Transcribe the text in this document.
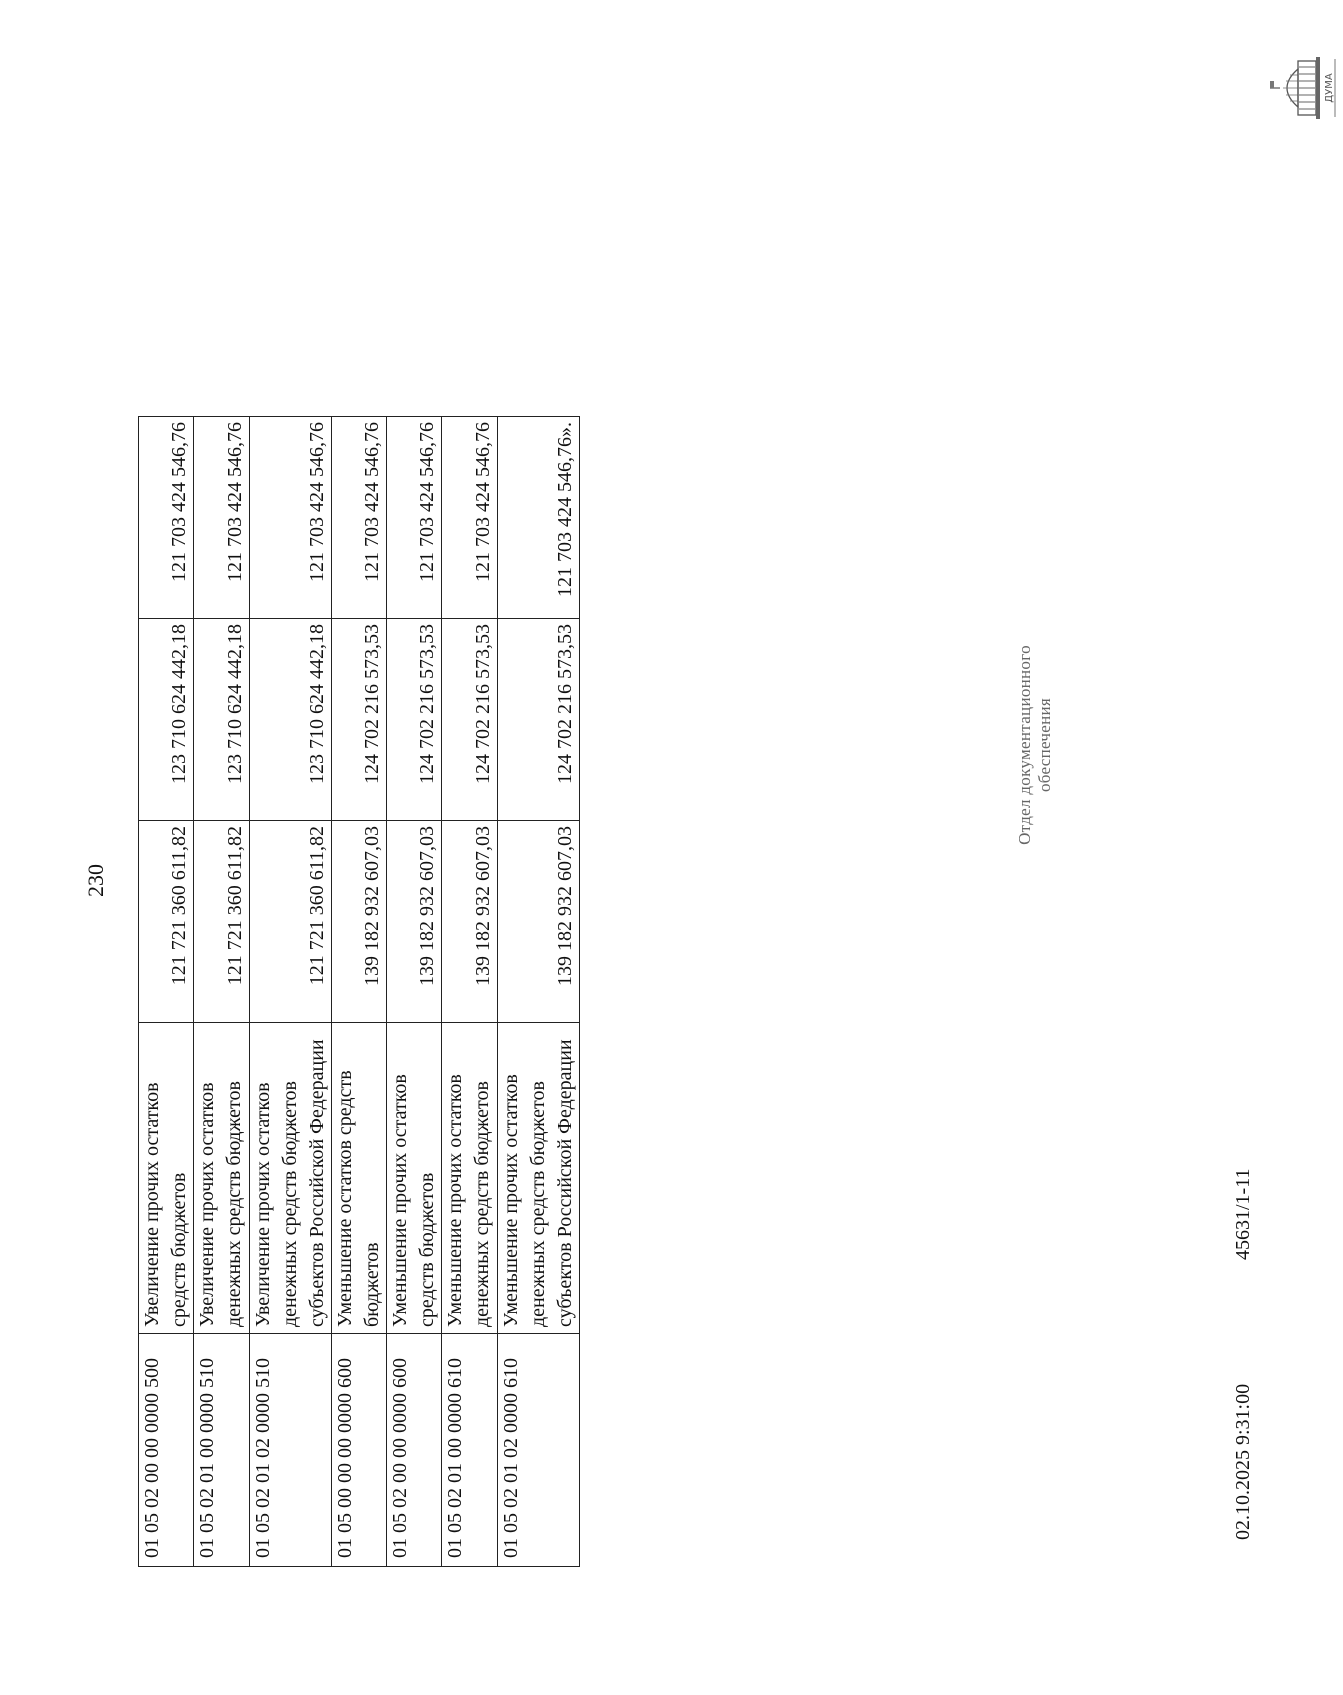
230
01 05 02 00 00 0000 500	Увеличение прочих остатков средств бюджетов	121 721 360 611,82	123 710 624 442,18	121 703 424 546,76
01 05 02 01 00 0000 510	Увеличение прочих остатков денежных средств бюджетов	121 721 360 611,82	123 710 624 442,18	121 703 424 546,76
01 05 02 01 02 0000 510	Увеличение прочих остатков денежных средств бюджетов субъектов Российской Федерации	121 721 360 611,82	123 710 624 442,18	121 703 424 546,76
01 05 00 00 00 0000 600	Уменьшение остатков средств бюджетов	139 182 932 607,03	124 702 216 573,53	121 703 424 546,76
01 05 02 00 00 0000 600	Уменьшение прочих остатков средств бюджетов	139 182 932 607,03	124 702 216 573,53	121 703 424 546,76
01 05 02 01 00 0000 610	Уменьшение прочих остатков денежных средств бюджетов	139 182 932 607,03	124 702 216 573,53	121 703 424 546,76
01 05 02 01 02 0000 610	Уменьшение прочих остатков денежных средств бюджетов субъектов Российской Федерации	139 182 932 607,03	124 702 216 573,53	121 703 424 546,76».
02.10.2025 9:31:00
45631/1-11
Отдел документационного обеспечения
ДУМА
